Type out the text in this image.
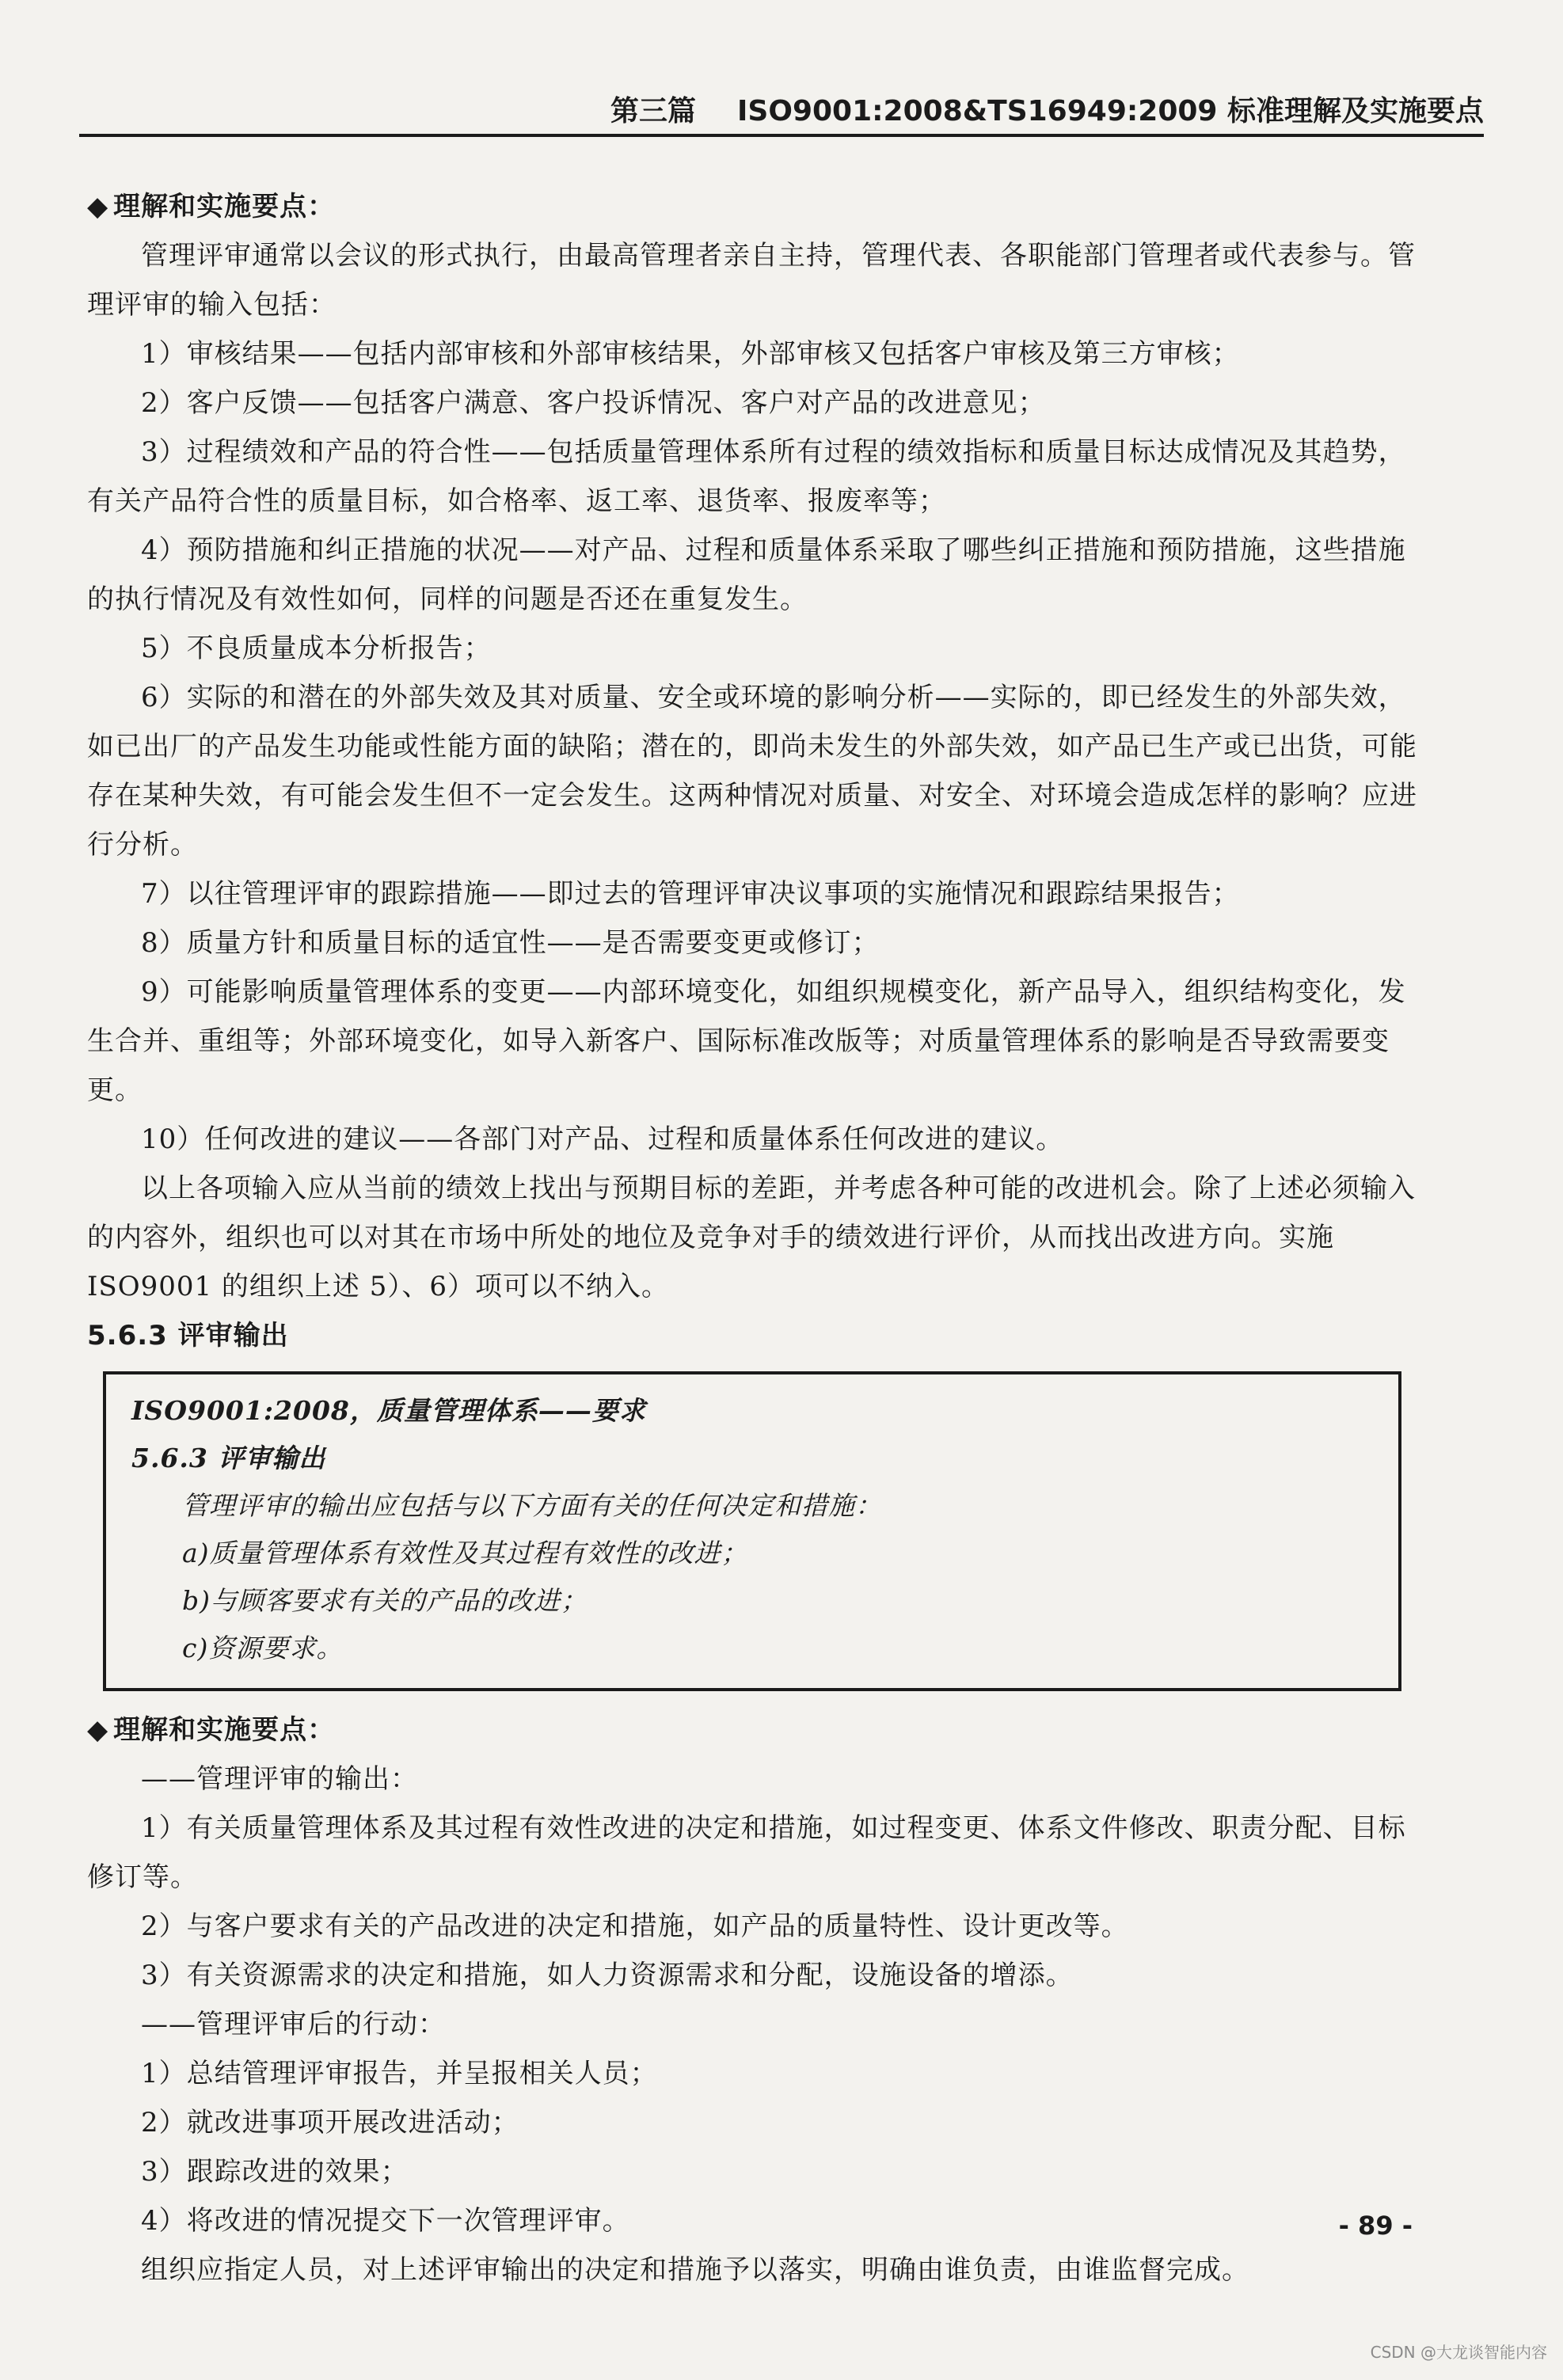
第三篇 ISO9001:2008&TS16949:2009 标准理解及实施要点

◆ 理解和实施要点：

管理评审通常以会议的形式执行，由最高管理者亲自主持，管理代表、各职能部门管理者或代表参与。管理评审的输入包括：

1）审核结果——包括内部审核和外部审核结果，外部审核又包括客户审核及第三方审核；

2）客户反馈——包括客户满意、客户投诉情况、客户对产品的改进意见；

3）过程绩效和产品的符合性——包括质量管理体系所有过程的绩效指标和质量目标达成情况及其趋势，有关产品符合性的质量目标，如合格率、返工率、退货率、报废率等；

4）预防措施和纠正措施的状况——对产品、过程和质量体系采取了哪些纠正措施和预防措施，这些措施的执行情况及有效性如何，同样的问题是否还在重复发生。

5）不良质量成本分析报告；

6）实际的和潜在的外部失效及其对质量、安全或环境的影响分析——实际的，即已经发生的外部失效，如已出厂的产品发生功能或性能方面的缺陷；潜在的，即尚未发生的外部失效，如产品已生产或已出货，可能存在某种失效，有可能会发生但不一定会发生。这两种情况对质量、对安全、对环境会造成怎样的影响？应进行分析。

7）以往管理评审的跟踪措施——即过去的管理评审决议事项的实施情况和跟踪结果报告；

8）质量方针和质量目标的适宜性——是否需要变更或修订；

9）可能影响质量管理体系的变更——内部环境变化，如组织规模变化，新产品导入，组织结构变化，发生合并、重组等；外部环境变化，如导入新客户、国际标准改版等；对质量管理体系的影响是否导致需要变更。

10）任何改进的建议——各部门对产品、过程和质量体系任何改进的建议。

以上各项输入应从当前的绩效上找出与预期目标的差距，并考虑各种可能的改进机会。除了上述必须输入的内容外，组织也可以对其在市场中所处的地位及竞争对手的绩效进行评价，从而找出改进方向。实施 ISO9001 的组织上述 5）、6）项可以不纳入。

5.6.3 评审输出

ISO9001:2008，质量管理体系——要求

5.6.3 评审输出

管理评审的输出应包括与以下方面有关的任何决定和措施：

a)质量管理体系有效性及其过程有效性的改进；

b)与顾客要求有关的产品的改进；

c)资源要求。

◆ 理解和实施要点：

——管理评审的输出：

1）有关质量管理体系及其过程有效性改进的决定和措施，如过程变更、体系文件修改、职责分配、目标修订等。

2）与客户要求有关的产品改进的决定和措施，如产品的质量特性、设计更改等。

3）有关资源需求的决定和措施，如人力资源需求和分配，设施设备的增添。

——管理评审后的行动：

1）总结管理评审报告，并呈报相关人员；

2）就改进事项开展改进活动；

3）跟踪改进的效果；

4）将改进的情况提交下一次管理评审。

组织应指定人员，对上述评审输出的决定和措施予以落实，明确由谁负责，由谁监督完成。

- 89 -
CSDN @大龙谈智能内容
